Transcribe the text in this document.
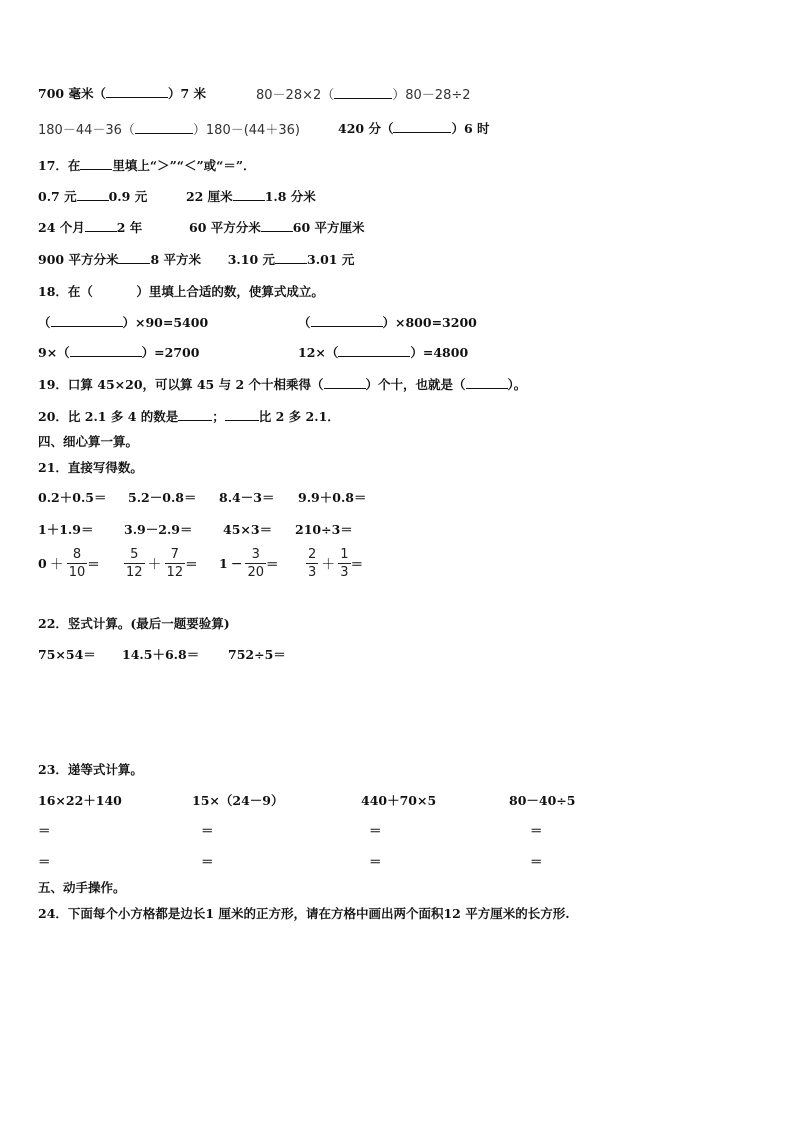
700 毫米（	）7 米	80－28×2（	）80－28÷2
180－44－36（	）180－(44＋36)	420 分（	）6 时
17．在	里填上“＞”“＜”或“＝”．
0.7 元	0.9 元	22 厘米	1.8 分米
24 个月	2 年	60 平方分米	60 平方厘米
900 平方分米	8 平方米 3.10 元	3.01 元
18．在（          ）里填上合适的数，使算式成立。
（	）×90=5400	（	）×800=3200
9×（	）=2700	12×（	）=4800
19．口算 45×20，可以算 45 与 2 个十相乘得（	）个十，也就是（	）。
20．比 2.1 多 4 的数是	；	比 2 多 2.1．
四、细心算一算。
21．直接写得数。
0.2＋0.5＝ 5.2－0.8＝ 8.4－3＝ 9.9＋0.8＝
1＋1.9＝ 3.9－2.9＝ 45×3＝ 210÷3＝
$0 + \frac{8}{10} = \frac{5}{12} + \frac{7}{12} = 1 - \frac{3}{20} = \frac{2}{3} + \frac{1}{3}$ ＝
22．竖式计算。(最后一题要验算)
75×54＝ 14.5＋6.8＝ 752÷5＝
23．递等式计算。
16×22＋140	15×（24－9）	440＋70×5	80－40÷5
＝	＝	＝	＝
＝	＝	＝	＝
五、动手操作。
24．下面每个小方格都是边长1 厘米的正方形，请在方格中画出两个面积12 平方厘米的长方形.
